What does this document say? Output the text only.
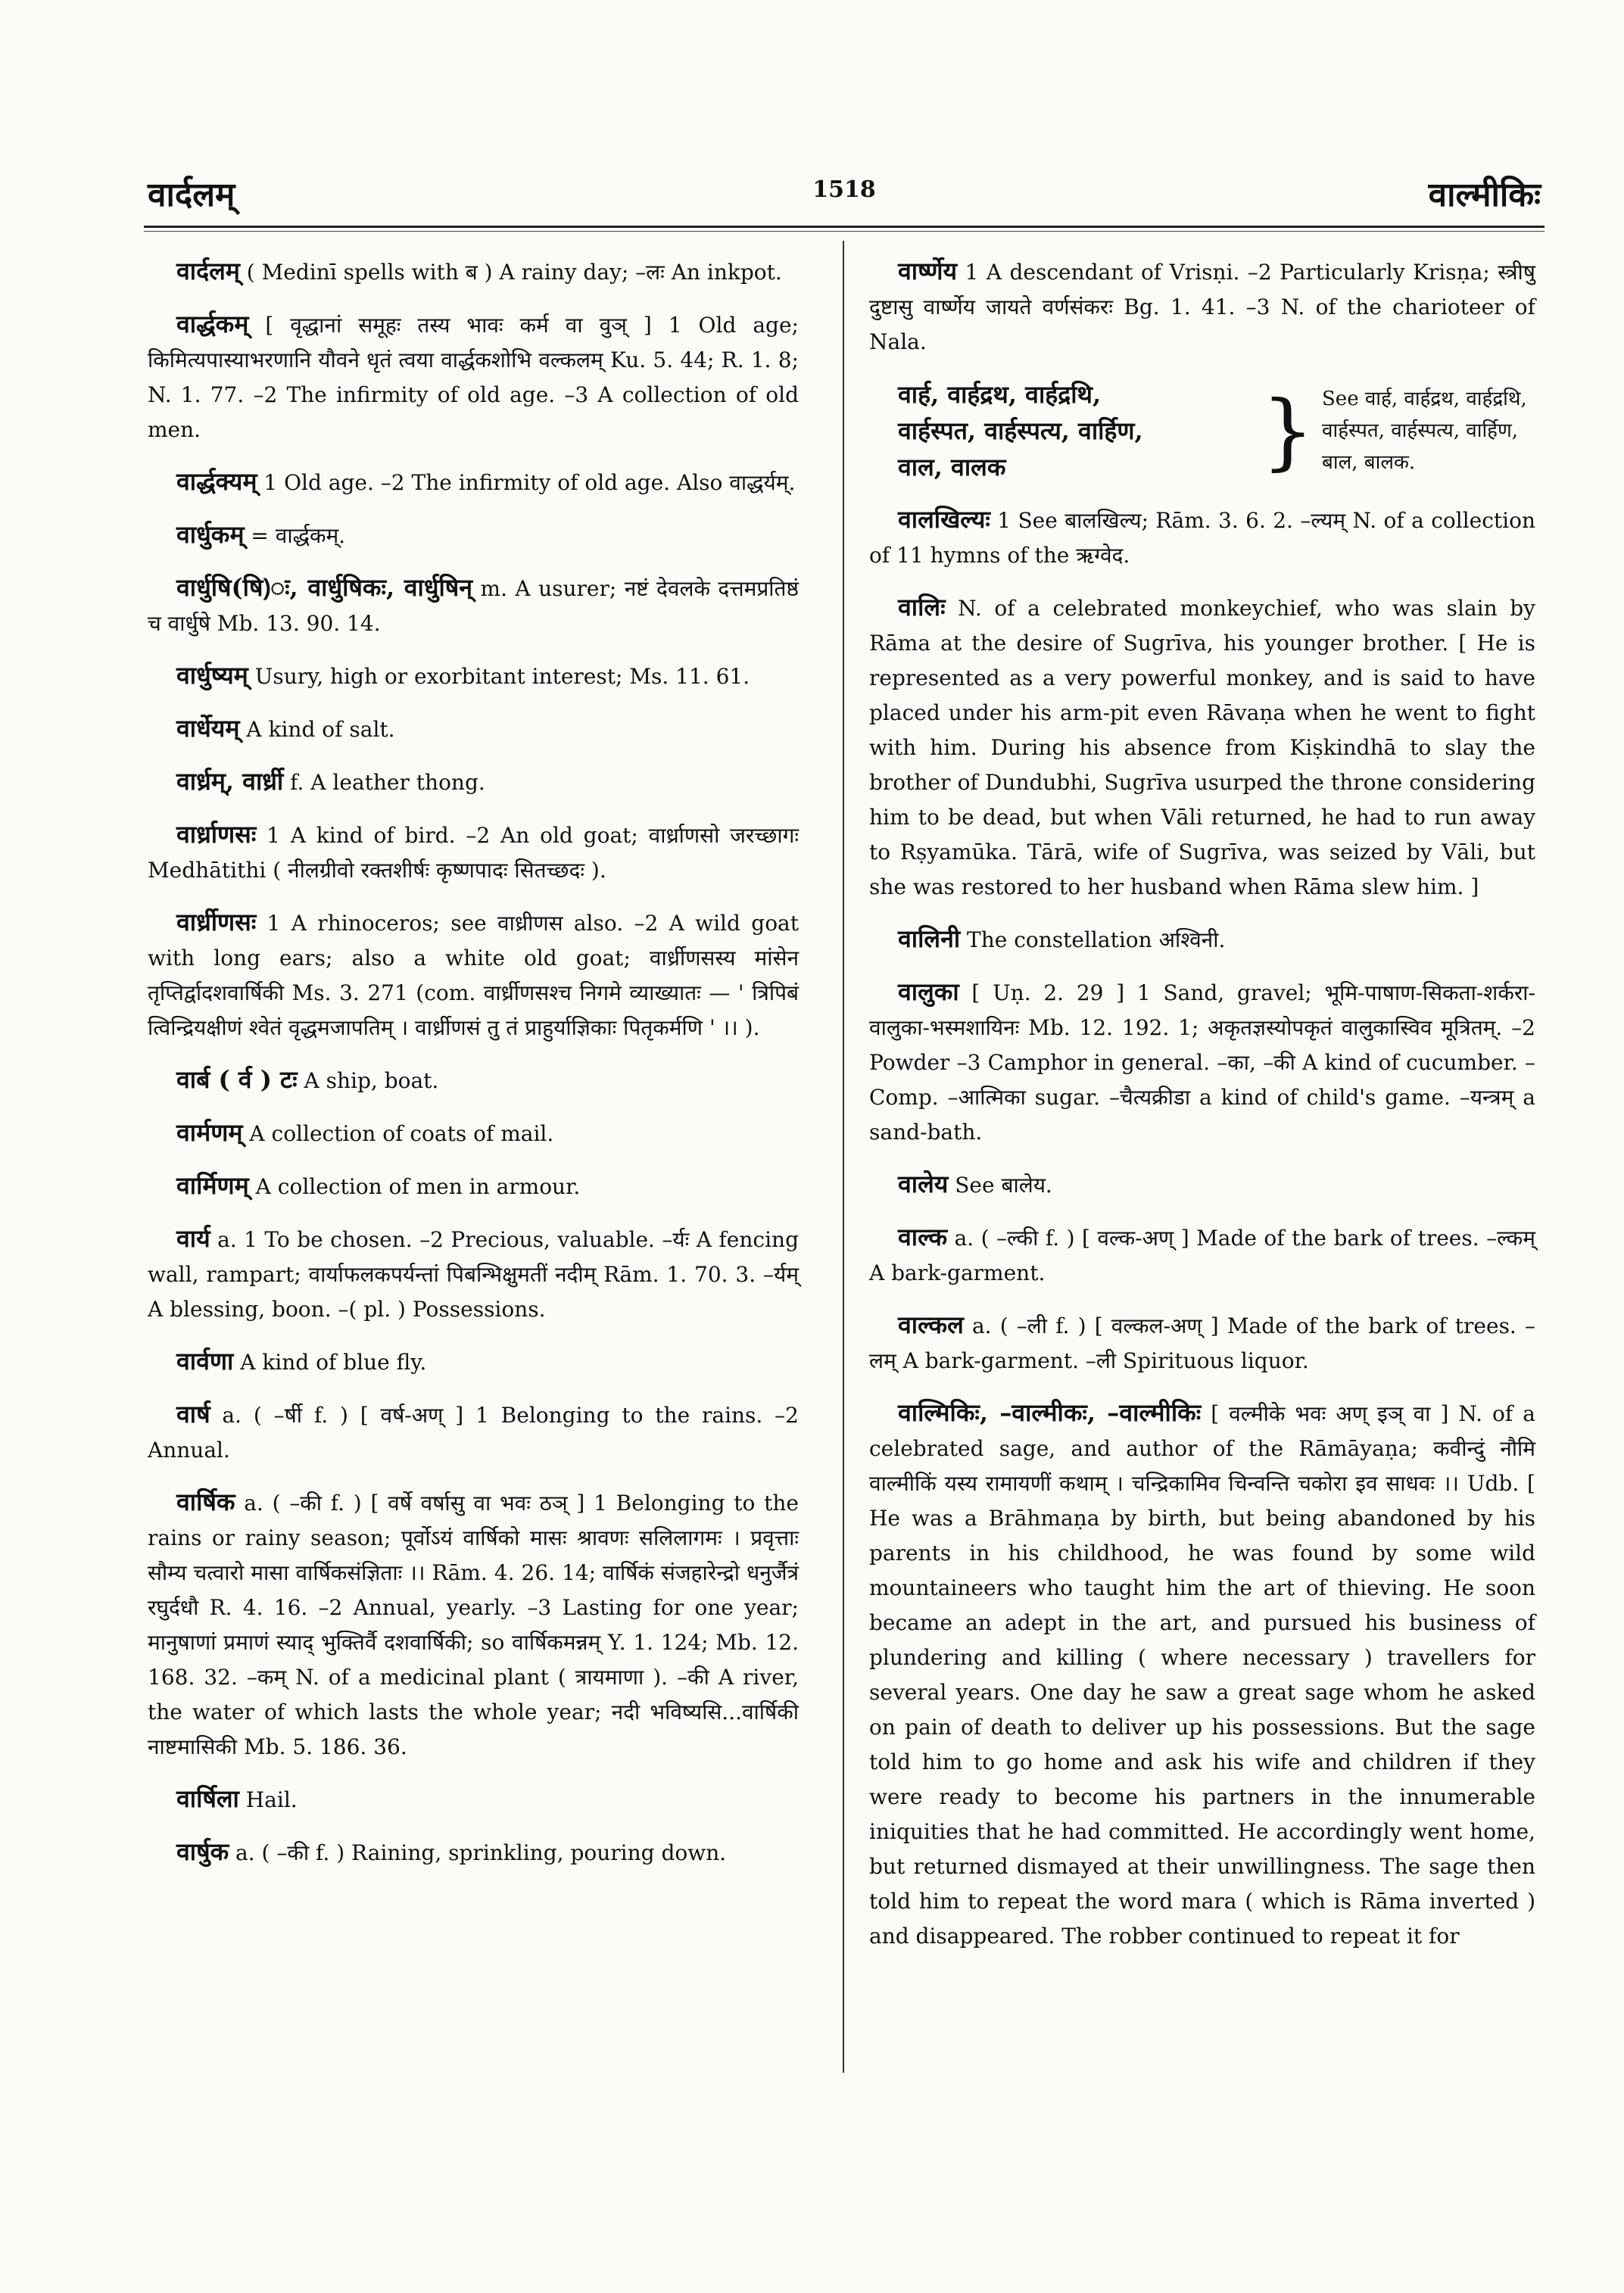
वार्दलम्	1518	वाल्मीकिः

वार्दलम् ( Medinī spells with ब ) A rainy day; –लः An inkpot.

वार्द्धकम् [ वृद्धानां समूहः तस्य भावः कर्म वा वुञ् ] 1 Old age; किमित्यपास्याभरणानि यौवने धृतं त्वया वार्द्धकशोभि वल्कलम् Ku. 5. 44; R. 1. 8; N. 1. 77. –2 The infirmity of old age. –3 A collection of old men.

वार्द्धक्यम् 1 Old age. –2 The infirmity of old age. Also वाद्धर्यम्.

वार्धुकम् = वार्द्धकम्.

वार्धुषि(षि)ः, वार्धुषिकः, वार्धुषिन् m. A usurer; नष्टं देवलके दत्तमप्रतिष्ठं च वार्धुषे Mb. 13. 90. 14.

वार्धुष्यम् Usury, high or exorbitant interest; Ms. 11. 61.

वार्धेयम् A kind of salt.

वार्ध्रम्, वार्ध्री f. A leather thong.

वार्ध्राणसः 1 A kind of bird. –2 An old goat; वार्ध्राणसो जरच्छागः Medhātithi ( नीलग्रीवो रक्तशीर्षः कृष्णपादः सितच्छदः ).

वार्ध्रीणसः 1 A rhinoceros; see वाध्रीणस also. –2 A wild goat with long ears; also a white old goat; वार्ध्रीणसस्य मांसेन तृप्तिर्द्वादशवार्षिकी Ms. 3. 271 (com. वार्ध्रीणसश्च निगमे व्याख्यातः — ' त्रिपिबं त्विन्द्रियक्षीणं श्वेतं वृद्धमजापतिम् । वार्ध्रीणसं तु तं प्राहुर्याज्ञिकाः पितृकर्मणि ' ।। ).

वार्ब ( र्व ) टः A ship, boat.

वार्मणम् A collection of coats of mail.

वार्मिणम् A collection of men in armour.

वार्य a. 1 To be chosen. –2 Precious, valuable. –र्यः A fencing wall, rampart; वार्याफलकपर्यन्तां पिबन्भिक्षुमतीं नदीम् Rām. 1. 70. 3. –र्यम् A blessing, boon. –( pl. ) Possessions.

वार्वणा A kind of blue fly.

वार्ष a. ( –र्षी f. ) [ वर्ष-अण् ] 1 Belonging to the rains. –2 Annual.

वार्षिक a. ( –की f. ) [ वर्षे वर्षासु वा भवः ठञ् ] 1 Belonging to the rains or rainy season; पूर्वोऽयं वार्षिको मासः श्रावणः सलिलागमः । प्रवृत्ताः सौम्य चत्वारो मासा वार्षिकसंज्ञिताः ।। Rām. 4. 26. 14; वार्षिकं संजहारेन्द्रो धनुर्जैत्रं रघुर्दधौ R. 4. 16. –2 Annual, yearly. –3 Lasting for one year; मानुषाणां प्रमाणं स्याद् भुक्तिर्वै दशवार्षिकी; so वार्षिकमन्नम् Y. 1. 124; Mb. 12. 168. 32. –कम् N. of a medicinal plant ( त्रायमाणा ). –की A river, the water of which lasts the whole year; नदी भविष्यसि...वार्षिकी नाष्टमासिकी Mb. 5. 186. 36.

वार्षिला Hail.

वार्षुक a. ( –की f. ) Raining, sprinkling, pouring down.

वार्ष्णेय 1 A descendant of Vrisṇi. –2 Particularly Krisṇa; स्त्रीषु दुष्टासु वार्ष्णेय जायते वर्णसंकरः Bg. 1. 41. –3 N. of the charioteer of Nala.

वार्ह, वार्हद्रथ, वार्हद्रथि,
वार्हस्पत, वार्हस्पत्य, वार्हिण,
वाल, वालक	} See वार्ह, वार्हद्रथ, वार्हद्रथि,
वार्हस्पत, वार्हस्पत्य, वार्हिण,
बाल, बालक.

वालखिल्यः 1 See बालखिल्य; Rām. 3. 6. 2. –ल्यम् N. of a collection of 11 hymns of the ऋग्वेद.

वालिः N. of a celebrated monkeychief, who was slain by Rāma at the desire of Sugrīva, his younger brother. [ He is represented as a very powerful monkey, and is said to have placed under his arm-pit even Rāvaṇa when he went to fight with him. During his absence from Kiṣkindhā to slay the brother of Dundubhi, Sugrīva usurped the throne considering him to be dead, but when Vāli returned, he had to run away to Rṣyamūka. Tārā, wife of Sugrīva, was seized by Vāli, but she was restored to her husband when Rāma slew him. ]

वालिनी The constellation अश्विनी.

वालुका [ Uṇ. 2. 29 ] 1 Sand, gravel; भूमि-पाषाण-सिकता-शर्करा-वालुका-भस्मशायिनः Mb. 12. 192. 1; अकृतज्ञस्योपकृतं वालुकास्विव मूत्रितम्. –2 Powder –3 Camphor in general. –का, –की A kind of cucumber. –Comp. –आत्मिका sugar. –चैत्यक्रीडा a kind of child's game. –यन्त्रम् a sand-bath.

वालेय See बालेय.

वाल्क a. ( –ल्की f. ) [ वल्क-अण् ] Made of the bark of trees. –ल्कम् A bark-garment.

वाल्कल a. ( –ली f. ) [ वल्कल-अण् ] Made of the bark of trees. –लम् A bark-garment. –ली Spirituous liquor.

वाल्मिकिः, –वाल्मीकः, –वाल्मीकिः [ वल्मीके भवः अण् इञ् वा ] N. of a celebrated sage, and author of the Rāmāyaṇa; कवीन्दुं नौमि वाल्मीकिं यस्य रामायणीं कथाम् । चन्द्रिकामिव चिन्वन्ति चकोरा इव साधवः ।। Udb. [ He was a Brāhmaṇa by birth, but being abandoned by his parents in his childhood, he was found by some wild mountaineers who taught him the art of thieving. He soon became an adept in the art, and pursued his business of plundering and killing ( where necessary ) travellers for several years. One day he saw a great sage whom he asked on pain of death to deliver up his possessions. But the sage told him to go home and ask his wife and children if they were ready to become his partners in the innumerable iniquities that he had committed. He accordingly went home, but returned dismayed at their unwillingness. The sage then told him to repeat the word mara ( which is Rāma inverted ) and disappeared. The robber continued to repeat it for
